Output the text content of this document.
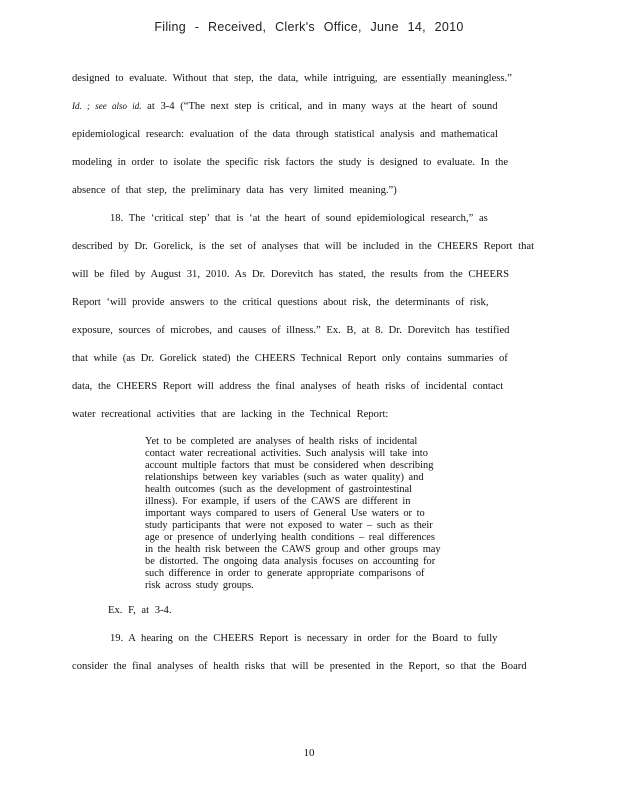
Filing - Received, Clerk's Office, June 14, 2010
designed to evaluate. Without that step, the data, while intriguing, are essentially meaningless.”
Id. ; see also id. at 3-4 (“The next step is critical, and in many ways at the heart of sound
epidemiological research: evaluation of the data through statistical analysis and mathematical
modeling in order to isolate the specific risk factors the study is designed to evaluate. In the
absence of that step, the preliminary data has very limited meaning.”)
18. The ‘critical step’ that is ‘at the heart of sound epidemiological research,” as
described by Dr. Gorelick, is the set of analyses that will be included in the CHEERS Report that
will be filed by August 31, 2010. As Dr. Dorevitch has stated, the results from the CHEERS
Report ‘will provide answers to the critical questions about risk, the determinants of risk,
exposure, sources of microbes, and causes of illness.” Ex. B, at 8. Dr. Dorevitch has testified
that while (as Dr. Gorelick stated) the CHEERS Technical Report only contains summaries of
data, the CHEERS Report will address the final analyses of heath risks of incidental contact
water recreational activities that are lacking in the Technical Report:
Yet to be completed are analyses of health risks of incidental
contact water recreational activities. Such analysis will take into
account multiple factors that must be considered when describing
relationships between key variables (such as water quality) and
health outcomes (such as the development of gastrointestinal
illness). For example, if users of the CAWS are different in
important ways compared to users of General Use waters or to
study participants that were not exposed to water – such as their
age or presence of underlying health conditions – real differences
in the health risk between the CAWS group and other groups may
be distorted. The ongoing data analysis focuses on accounting for
such difference in order to generate appropriate comparisons of
risk across study groups.
Ex. F, at 3-4.
19. A hearing on the CHEERS Report is necessary in order for the Board to fully
consider the final analyses of health risks that will be presented in the Report, so that the Board
10
